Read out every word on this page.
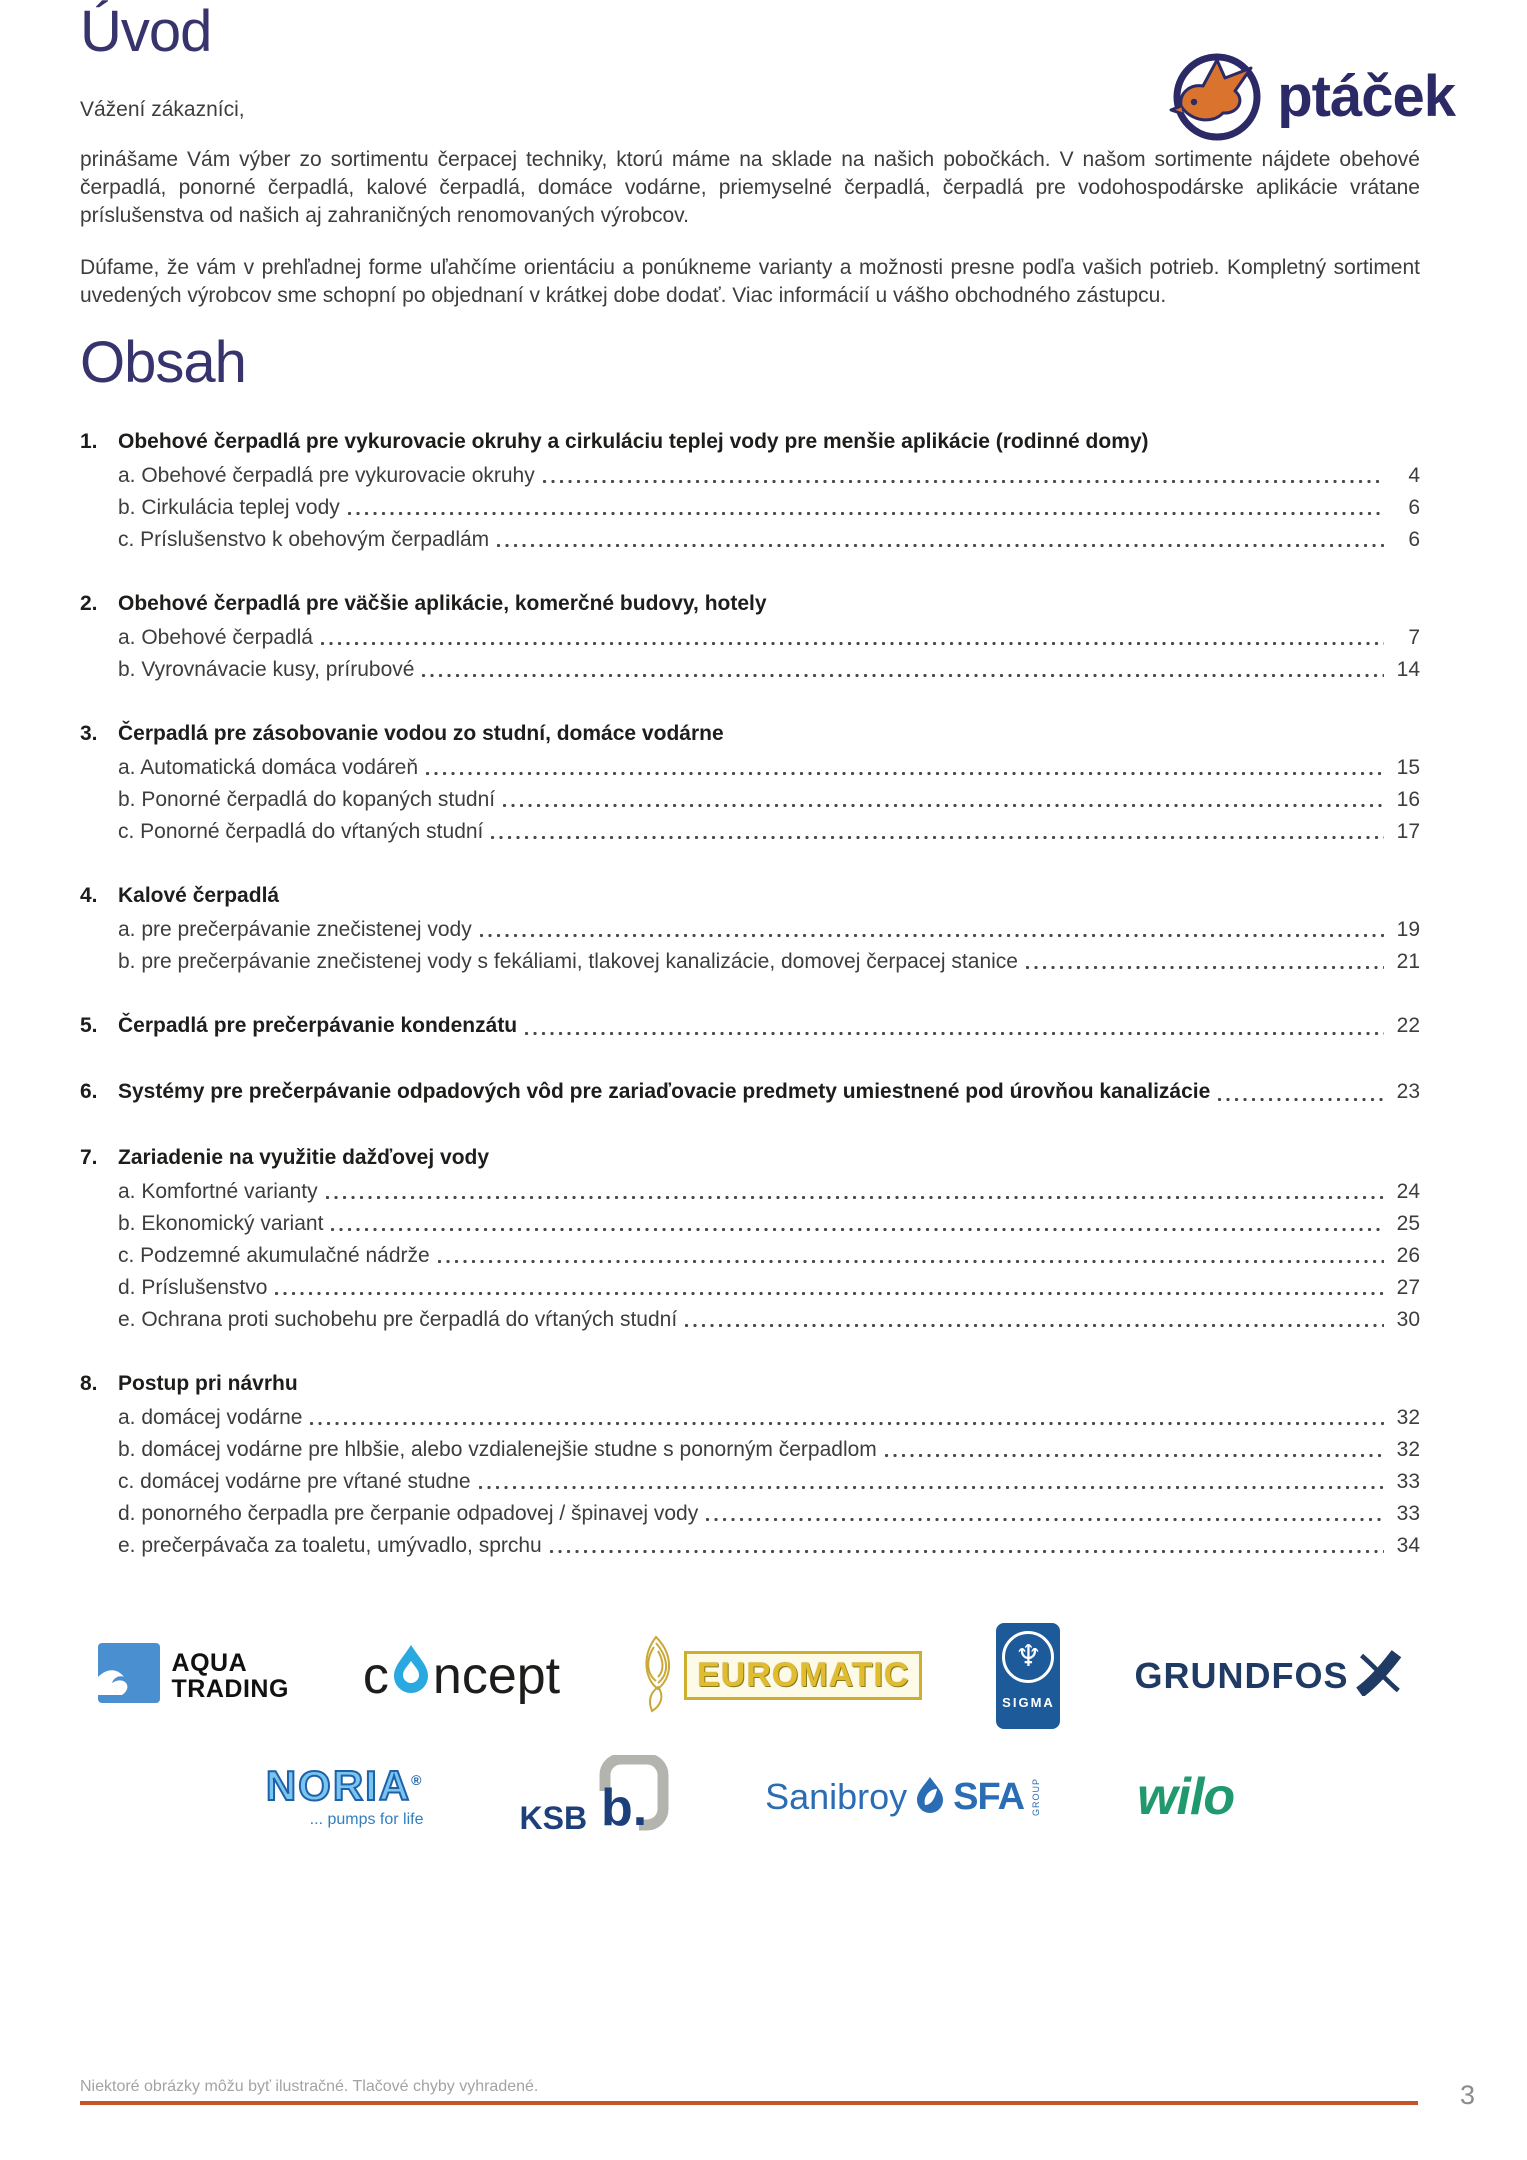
ptáček
Úvod
Vážení zákazníci,

prinášame Vám výber zo sortimentu čerpacej techniky, ktorú máme na sklade na našich pobočkách. V našom sortimente nájdete obehové čerpadlá, ponorné čerpadlá, kalové čerpadlá, domáce vodárne, priemyselné čerpadlá, čerpadlá pre vodohospodárske aplikácie vrátane príslušenstva od našich aj zahraničných renomovaných výrobcov.

Dúfame, že vám v prehľadnej forme uľahčíme orientáciu a ponúkneme varianty a možnosti presne podľa vašich potrieb. Kompletný sortiment uvedených výrobcov sme schopní po objednaní v krátkej dobe dodať. Viac informácií u vášho obchodného zástupcu.

Obsah
1. Obehové čerpadlá pre vykurovacie okruhy a cirkuláciu teplej vody pre menšie aplikácie (rodinné domy)
a. Obehové čerpadlá pre vykurovacie okruhy	4
b. Cirkulácia teplej vody	6
c. Príslušenstvo k obehovým čerpadlám	6
2. Obehové čerpadlá pre väčšie aplikácie, komerčné budovy, hotely
a. Obehové čerpadlá	7
b. Vyrovnávacie kusy, prírubové	14
3. Čerpadlá pre zásobovanie vodou zo studní, domáce vodárne
a. Automatická domáca vodáreň	15
b. Ponorné čerpadlá do kopaných studní	16
c. Ponorné čerpadlá do vŕtaných studní	17
4. Kalové čerpadlá
a. pre prečerpávanie znečistenej vody	19
b. pre prečerpávanie znečistenej vody s fekáliami, tlakovej kanalizácie, domovej čerpacej stanice	21
5. Čerpadlá pre prečerpávanie kondenzátu	22
6. Systémy pre prečerpávanie odpadových vôd pre zariaďovacie predmety umiestnené pod úrovňou kanalizácie	23
7. Zariadenie na využitie dažďovej vody
a. Komfortné varianty	24
b. Ekonomický variant	25
c. Podzemné akumulačné nádrže	26
d. Príslušenstvo	27
e. Ochrana proti suchobehu pre čerpadlá do vŕtaných studní	30
8. Postup pri návrhu
a. domácej vodárne	32
b. domácej vodárne pre hlbšie, alebo vzdialenejšie studne s ponorným čerpadlom	32
c. domácej vodárne pre vŕtané studne	33
d. ponorného čerpadla pre čerpanie odpadovej / špinavej vody	33
e. prečerpávača za toaletu, umývadlo, sprchu	34
AQUA
TRADING c ncept	EUROMATIC	♆
SIGMA
GRUNDFOS
NORIA®
... pumps for life	KSB b.	Sanibroy SFA GROUP wilo
Niektoré obrázky môžu byť ilustračné. Tlačové chyby vyhradené.	3
